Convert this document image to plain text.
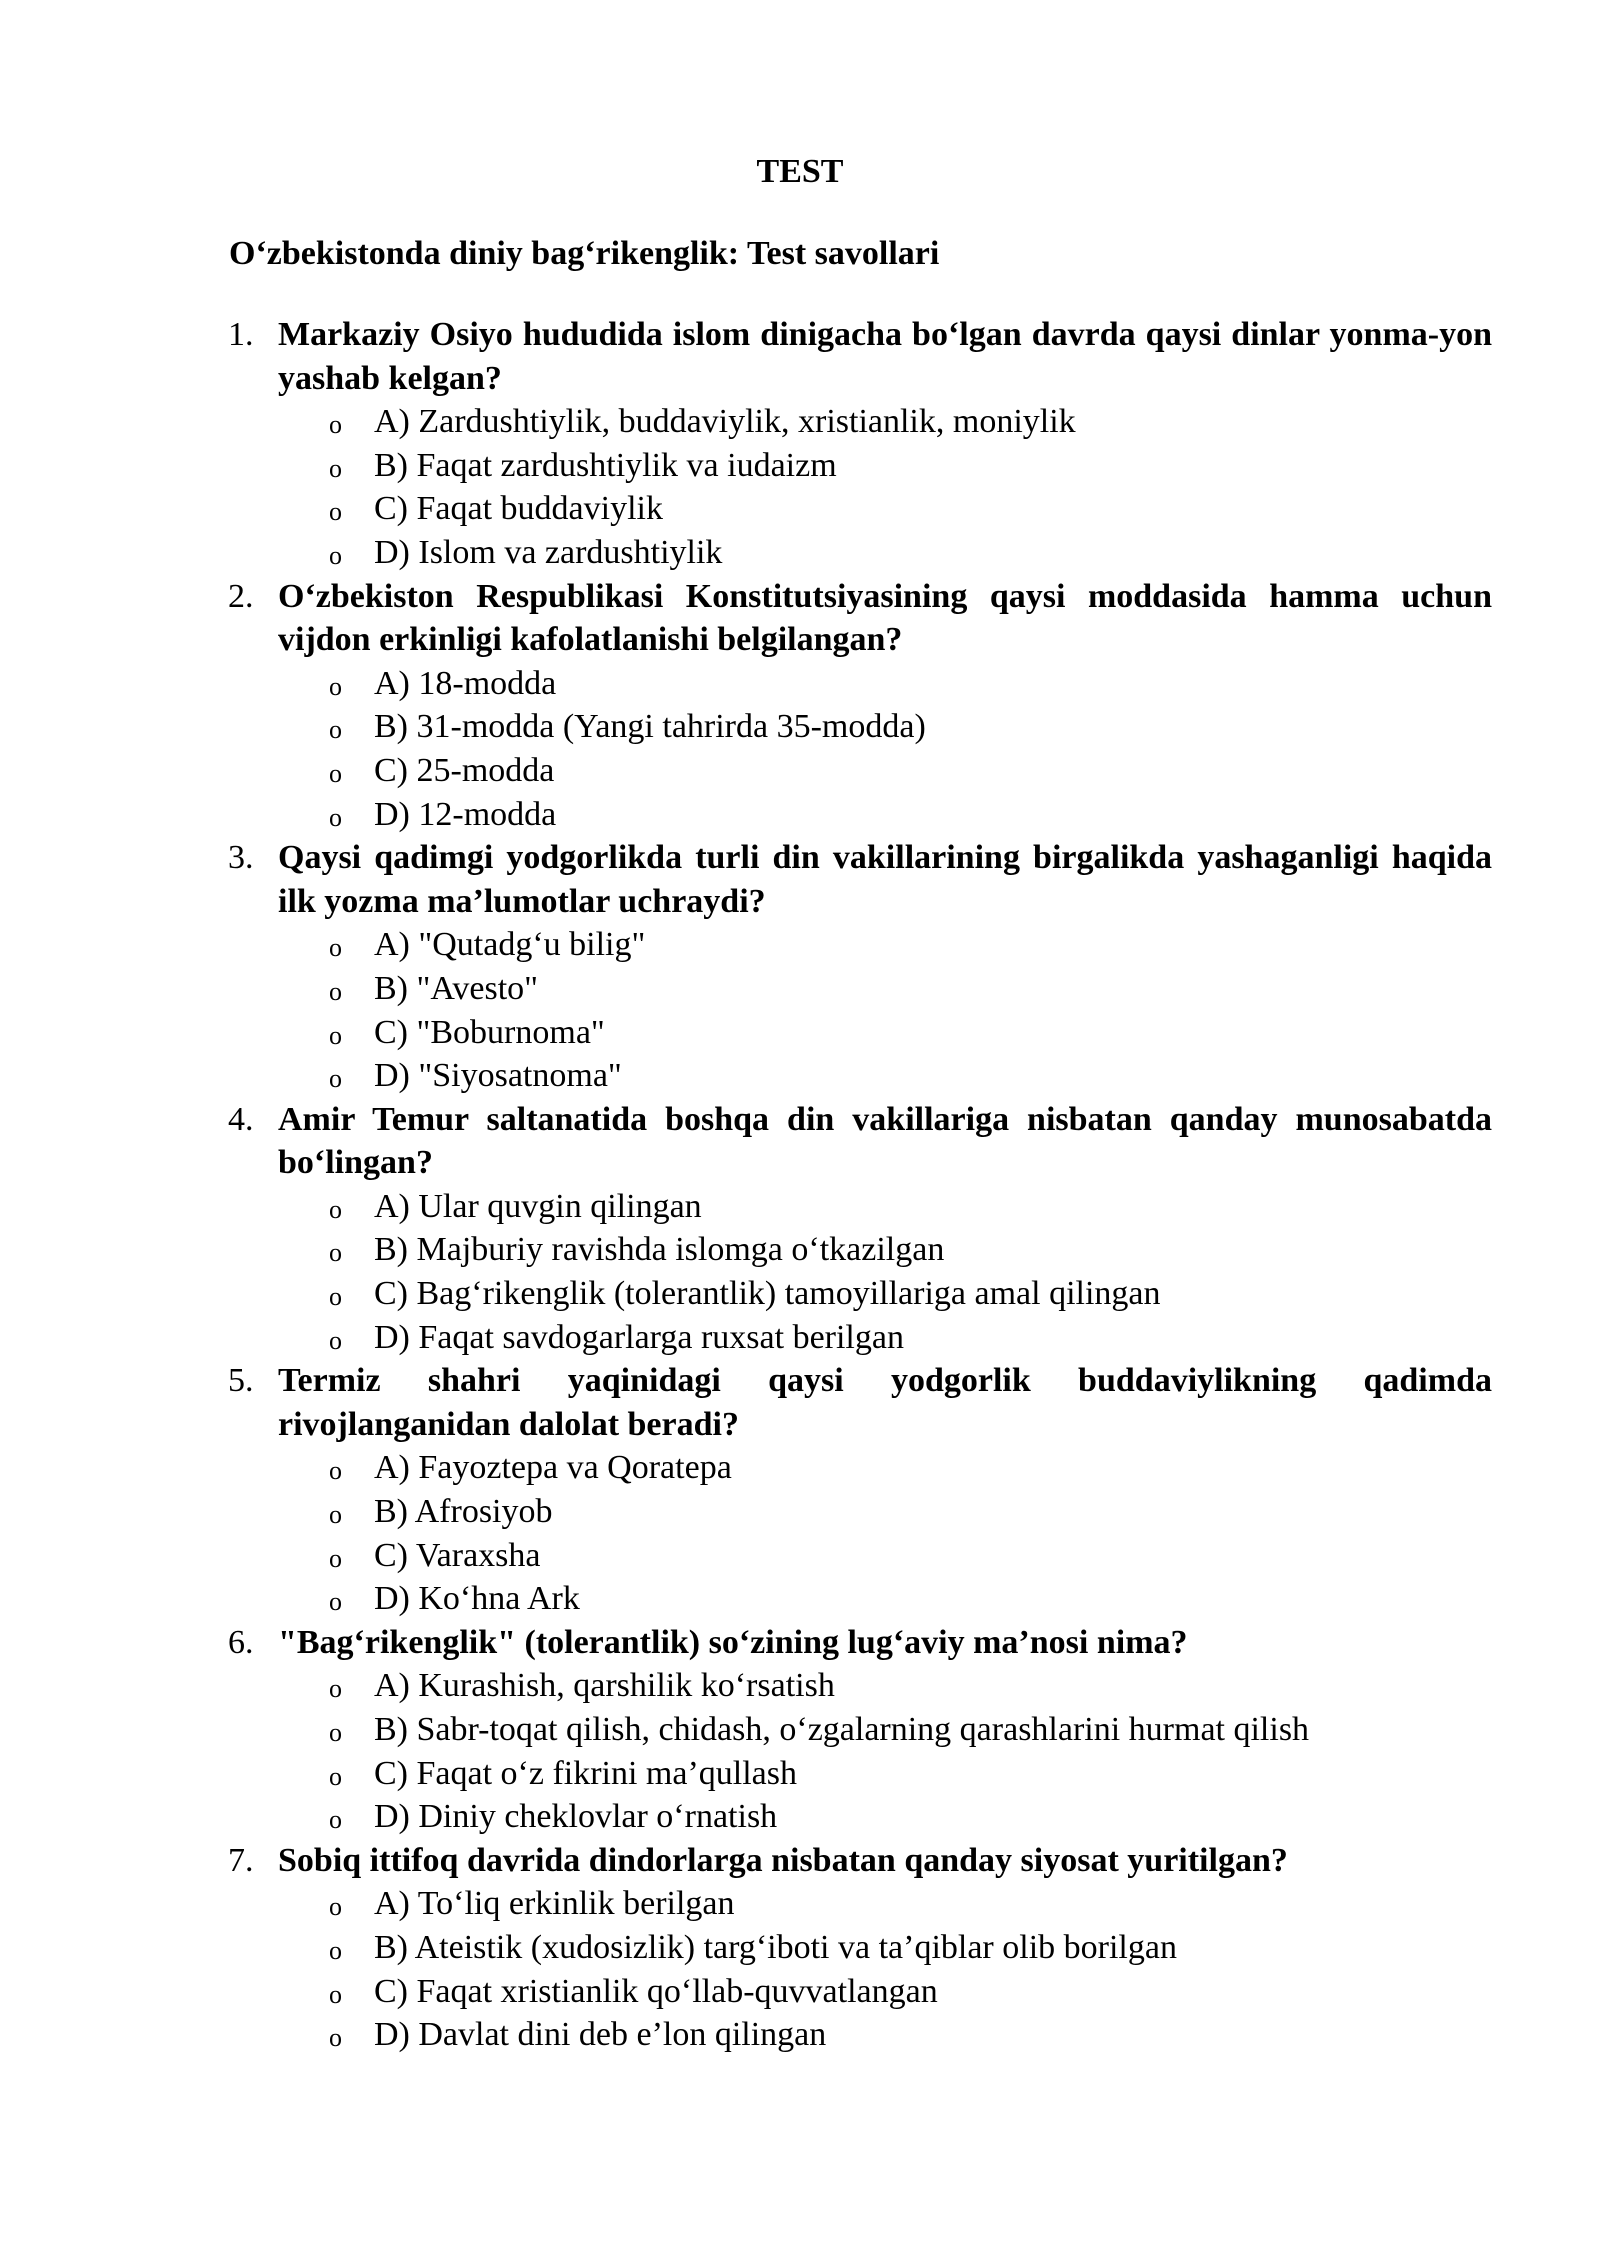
TEST
O‘zbekistonda diniy bag‘rikenglik: Test savollari
1. Markaziy Osiyo hududida islom dinigacha bo‘lgan davrda qaysi dinlar yonma-yon yashab kelgan?
o A) Zardushtiylik, buddaviylik, xristianlik, moniylik
o B) Faqat zardushtiylik va iudaizm
o C) Faqat buddaviylik
o D) Islom va zardushtiylik
2. O‘zbekiston Respublikasi Konstitutsiyasining qaysi moddasida hamma uchun vijdon erkinligi kafolatlanishi belgilangan?
o A) 18-modda
o B) 31-modda (Yangi tahrirda 35-modda)
o C) 25-modda
o D) 12-modda
3. Qaysi qadimgi yodgorlikda turli din vakillarining birgalikda yashaganligi haqida ilk yozma ma’lumotlar uchraydi?
o A) "Qutadg‘u bilig"
o B) "Avesto"
o C) "Boburnoma"
o D) "Siyosatnoma"
4. Amir Temur saltanatida boshqa din vakillariga nisbatan qanday munosabatda bo‘lingan?
o A) Ular quvgin qilingan
o B) Majburiy ravishda islomga o‘tkazilgan
o C) Bag‘rikenglik (tolerantlik) tamoyillariga amal qilingan
o D) Faqat savdogarlarga ruxsat berilgan
5. Termiz shahri yaqinidagi qaysi yodgorlik buddaviylikning qadimda rivojlanganidan dalolat beradi?
o A) Fayoztepa va Qoratepa
o B) Afrosiyob
o C) Varaxsha
o D) Ko‘hna Ark
6. "Bag‘rikenglik" (tolerantlik) so‘zining lug‘aviy ma’nosi nima?
o A) Kurashish, qarshilik ko‘rsatish
o B) Sabr-toqat qilish, chidash, o‘zgalarning qarashlarini hurmat qilish
o C) Faqat o‘z fikrini ma’qullash
o D) Diniy cheklovlar o‘rnatish
7. Sobiq ittifoq davrida dindorlarga nisbatan qanday siyosat yuritilgan?
o A) To‘liq erkinlik berilgan
o B) Ateistik (xudosizlik) targ‘iboti va ta’qiblar olib borilgan
o C) Faqat xristianlik qo‘llab-quvvatlangan
o D) Davlat dini deb e’lon qilingan
